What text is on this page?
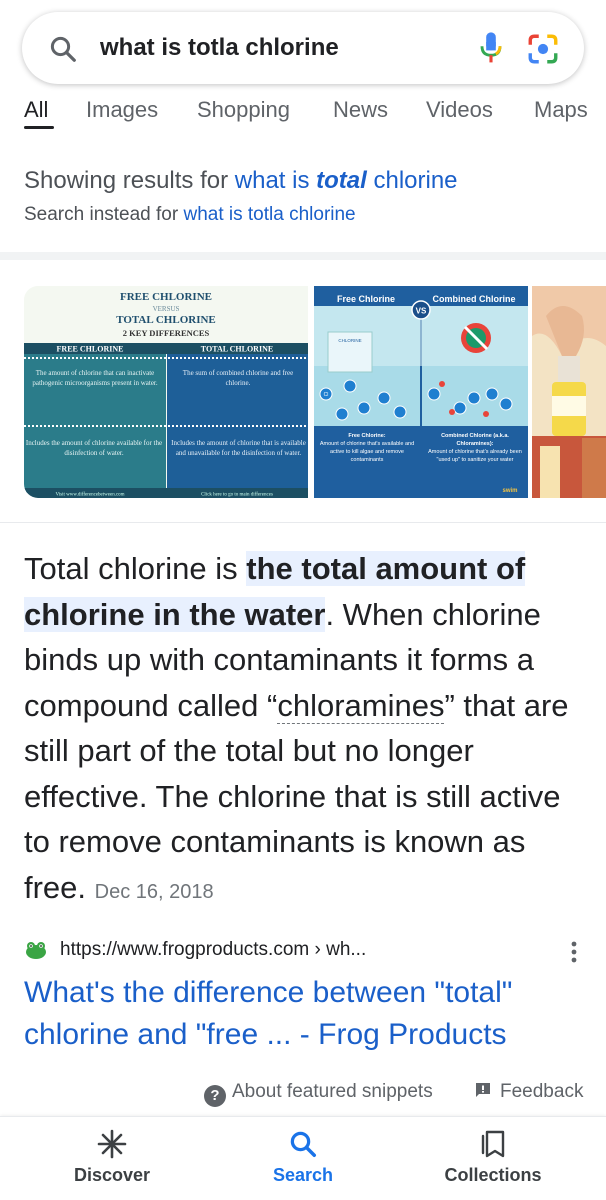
what is totla chlorine
All Images Shopping News Videos Maps
Showing results for what is total chlorine
Search instead for what is totla chlorine
FREE CHLORINE
VERSUS
TOTAL CHLORINE
2 KEY DIFFERENCES
FREE CHLORINE	TOTAL CHLORINE
The amount of chlorine that can inactivate pathogenic microorganisms present in water.
The sum of combined chlorine and free chlorine.
Includes the amount of chlorine available for the disinfection of water.
Includes the amount of chlorine that is available and unavailable for the disinfection of water.
Visit www.differencebetween.com	Click here to go to main differences
Free Chlorine	Combined Chlorine
VS
CHLORINE
Cl
Free Chlorine:
Amount of chlorine that's available and active to kill algae and remove contaminants
Combined Chlorine (a.k.a. Chloramines):
Amount of chlorine that's already been "used up" to sanitize your water
swim
Total chlorine is the total amount of chlorine in the water. When chlorine binds up with contaminants it forms a compound called “chloramines” that are still part of the total but no longer effective. The chlorine that is still active to remove contaminants is known as free. Dec 16, 2018
https://www.frogproducts.com › wh...
What's the difference between "total" chlorine and "free ... - Frog Products
? About featured snippets	Feedback
Discover	Search	Collections
